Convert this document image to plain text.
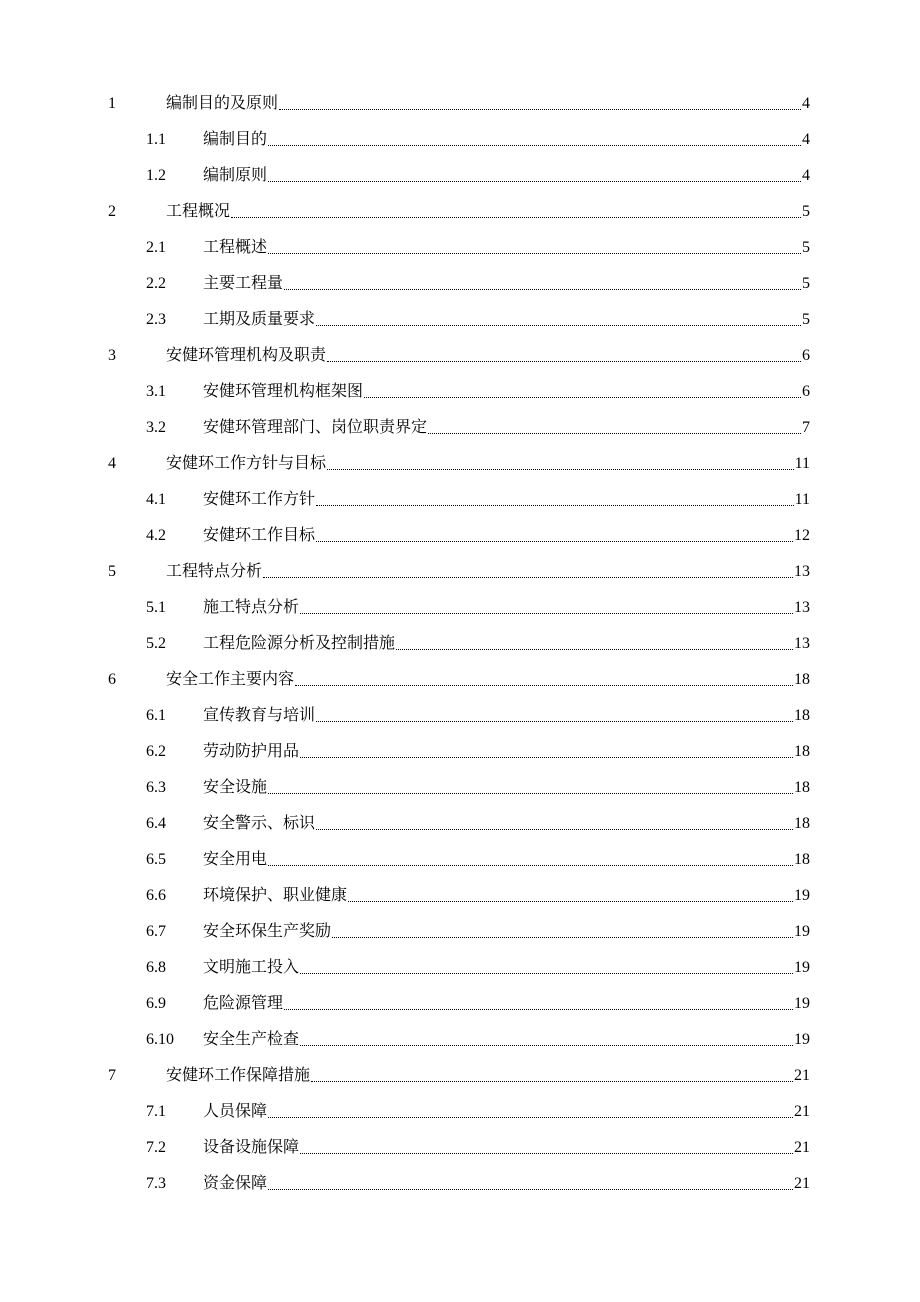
1	编制目的及原则	4
1.1 编制目的	4
1.2 编制原则	4
2	工程概况	5
2.1 工程概述	5
2.2 主要工程量	5
2.3 工期及质量要求	5
3	安健环管理机构及职责	6
3.1 安健环管理机构框架图	6
3.2 安健环管理部门、岗位职责界定	7
4	安健环工作方针与目标	11
4.1 安健环工作方针	11
4.2 安健环工作目标	12
5	工程特点分析	13
5.1 施工特点分析	13
5.2 工程危险源分析及控制措施	13
6	安全工作主要内容	18
6.1 宣传教育与培训	18
6.2 劳动防护用品	18
6.3 安全设施	18
6.4 安全警示、标识	18
6.5 安全用电	18
6.6 环境保护、职业健康	19
6.7 安全环保生产奖励	19
6.8 文明施工投入	19
6.9 危险源管理	19
6.10 安全生产检查	19
7	安健环工作保障措施	21
7.1 人员保障	21
7.2 设备设施保障	21
7.3 资金保障	21
